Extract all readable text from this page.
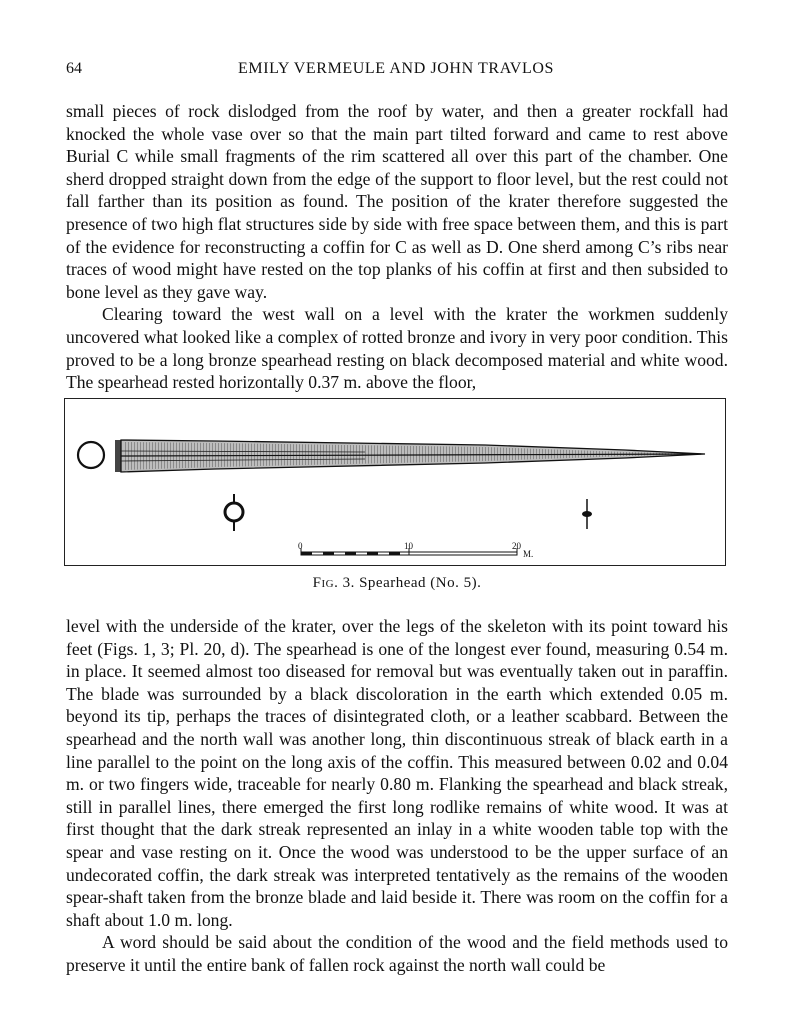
64	EMILY VERMEULE AND JOHN TRAVLOS

small pieces of rock dislodged from the roof by water, and then a greater rockfall had knocked the whole vase over so that the main part tilted forward and came to rest above Burial C while small fragments of the rim scattered all over this part of the chamber. One sherd dropped straight down from the edge of the support to floor level, but the rest could not fall farther than its position as found. The position of the krater therefore suggested the presence of two high flat structures side by side with free space between them, and this is part of the evidence for reconstructing a coffin for C as well as D. One sherd among C’s ribs near traces of wood might have rested on the top planks of his coffin at first and then subsided to bone level as they gave way.

Clearing toward the west wall on a level with the krater the workmen suddenly uncovered what looked like a complex of rotted bronze and ivory in very poor condition. This proved to be a long bronze spearhead resting on black decomposed material and white wood. The spearhead rested horizontally 0.37 m. above the floor,

0	10	20
M.
Fig. 3. Spearhead (No. 5).

level with the underside of the krater, over the legs of the skeleton with its point toward his feet (Figs. 1, 3; Pl. 20, d). The spearhead is one of the longest ever found, measuring 0.54 m. in place. It seemed almost too diseased for removal but was eventually taken out in paraffin. The blade was surrounded by a black discoloration in the earth which extended 0.05 m. beyond its tip, perhaps the traces of disintegrated cloth, or a leather scabbard. Between the spearhead and the north wall was another long, thin discontinuous streak of black earth in a line parallel to the point on the long axis of the coffin. This measured between 0.02 and 0.04 m. or two fingers wide, traceable for nearly 0.80 m. Flanking the spearhead and black streak, still in parallel lines, there emerged the first long rodlike remains of white wood. It was at first thought that the dark streak represented an inlay in a white wooden table top with the spear and vase resting on it. Once the wood was understood to be the upper surface of an undecorated coffin, the dark streak was interpreted tentatively as the remains of the wooden spear-shaft taken from the bronze blade and laid beside it. There was room on the coffin for a shaft about 1.0 m. long.

A word should be said about the condition of the wood and the field methods used to preserve it until the entire bank of fallen rock against the north wall could be
